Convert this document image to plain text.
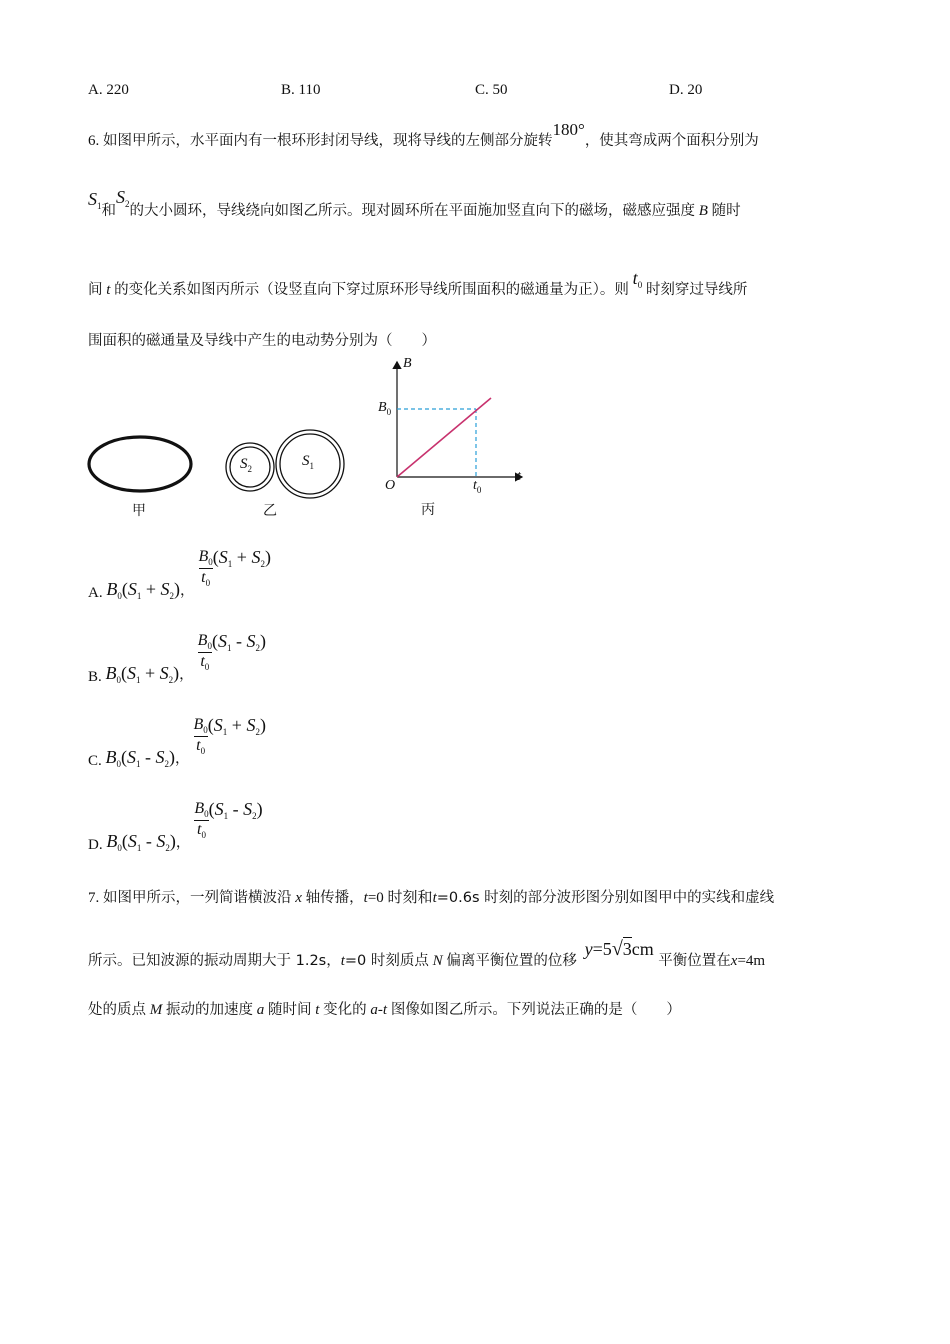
A. 220	B. 110	C. 50	D. 20
6. 如图甲所示，水平面内有一根环形封闭导线，现将导线的左侧部分旋转180°，使其弯成两个面积分别为
$S_1$和$S_2$的大小圆环，导线绕向如图乙所示。现对圆环所在平面施加竖直向下的磁场，磁感应强度 B 随时
间 t 的变化关系如图丙所示（设竖直向下穿过原环形导线所围面积的磁通量为正）。则 $t_0$ 时刻穿过导线所
围面积的磁通量及导线中产生的电动势分别为（　　）
甲
$S_2$	$S_1$
乙
B
t
O
$B_0$
$t_0$
丙
A. $B_0(S_1 + S_2)$，
$\frac{B_0}{t_0} (S_1 + S_2)$
B. $B_0(S_1 + S_2)$，
$\frac{B_0}{t_0} (S_1 - S_2)$
C. $B_0(S_1 - S_2)$，
$\frac{B_0}{t_0} (S_1 + S_2)$
D. $B_0(S_1 - S_2)$，
$\frac{B_0}{t_0} (S_1 - S_2)$
7. 如图甲所示，一列简谐横波沿 x 轴传播，t=0 时刻和t=0.6s 时刻的部分波形图分别如图甲中的实线和虚线
所示。已知波源的振动周期大于 1.2s，t=0 时刻质点 N 偏离平衡位置的位移 y=5√3cm 平衡位置在x=4m
处的质点 M 振动的加速度 a 随时间 t 变化的 a-t 图像如图乙所示。下列说法正确的是（　　）
